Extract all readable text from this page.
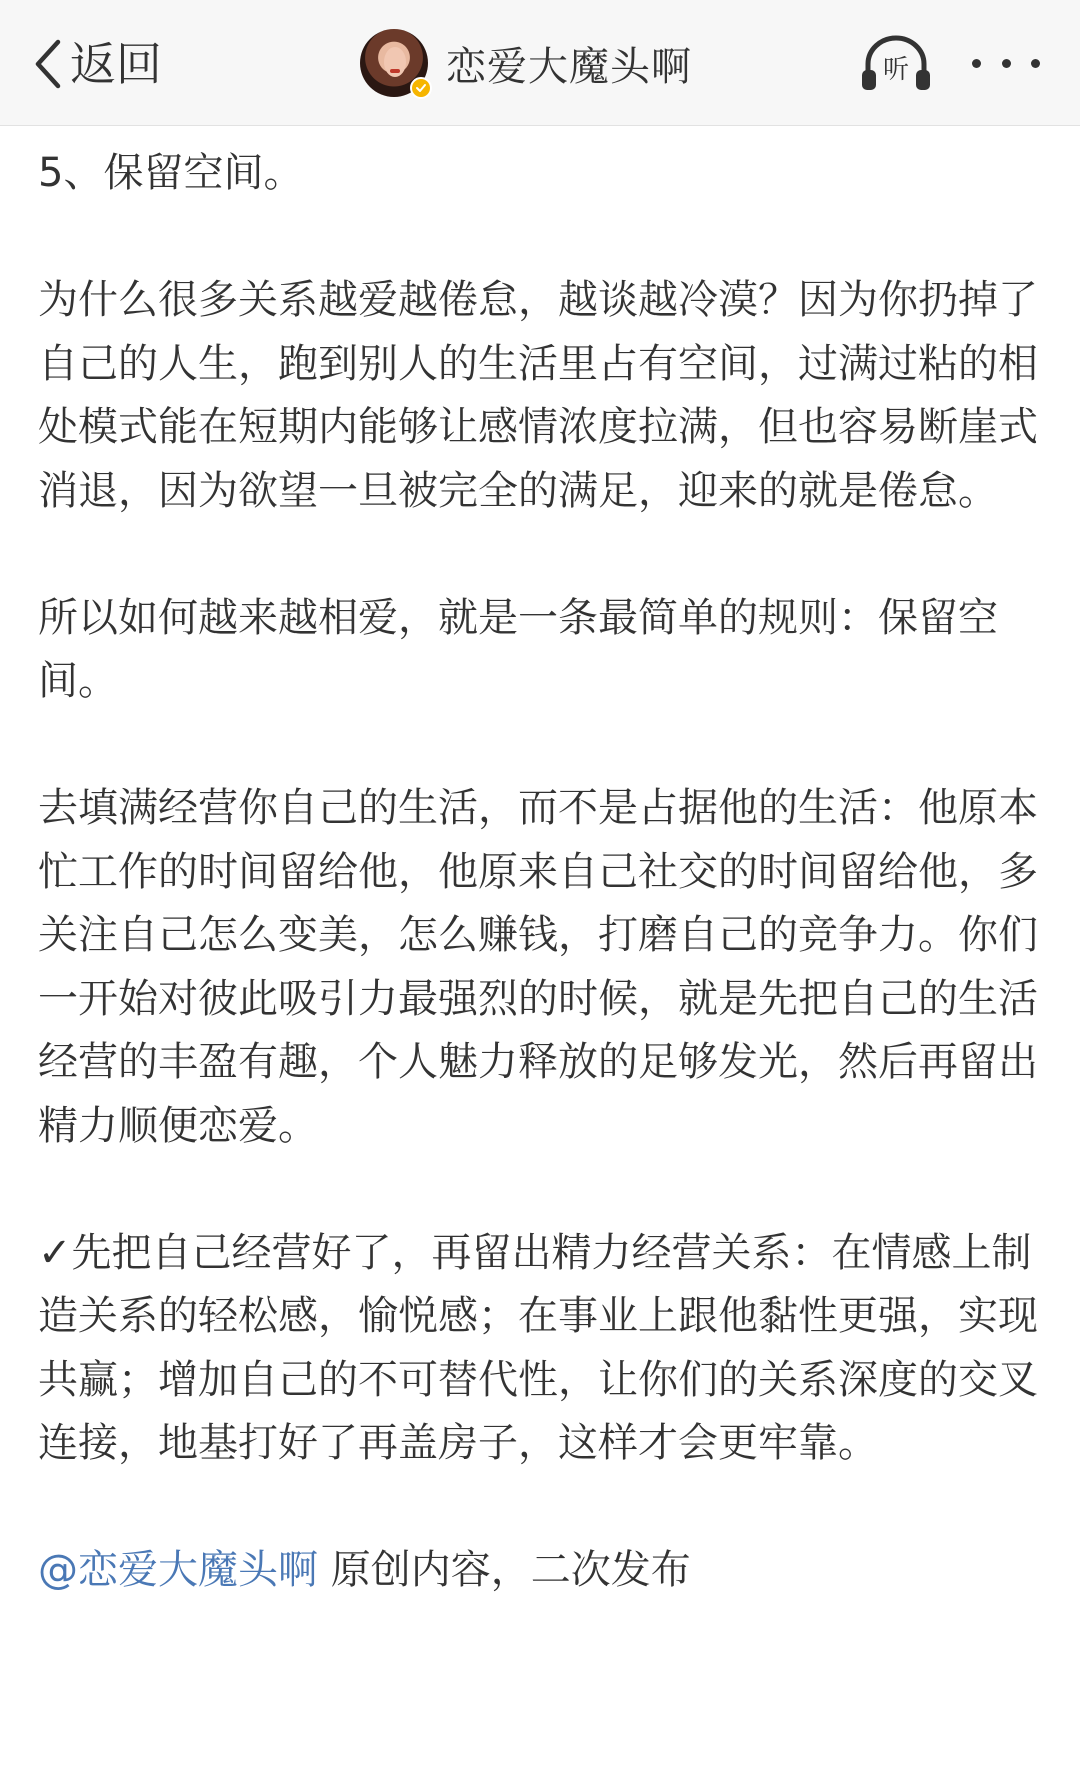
返回	恋爱大魔头啊	听

5、保留空间。

为什么很多关系越爱越倦怠，越谈越冷漠？因为你扔掉了自己的人生，跑到别人的生活里占有空间，过满过粘的相处模式能在短期内能够让感情浓度拉满，但也容易断崖式消退，因为欲望一旦被完全的满足，迎来的就是倦怠。

所以如何越来越相爱，就是一条最简单的规则：保留空间。

去填满经营你自己的生活，而不是占据他的生活：他原本忙工作的时间留给他，他原来自己社交的时间留给他，多关注自己怎么变美，怎么赚钱，打磨自己的竞争力。你们一开始对彼此吸引力最强烈的时候，就是先把自己的生活经营的丰盈有趣，个人魅力释放的足够发光，然后再留出精力顺便恋爱。

✓先把自己经营好了，再留出精力经营关系：在情感上制造关系的轻松感，愉悦感；在事业上跟他黏性更强，实现共赢；增加自己的不可替代性，让你们的关系深度的交叉连接，地基打好了再盖房子，这样才会更牢靠。

@恋爱大魔头啊 原创内容，二次发布
